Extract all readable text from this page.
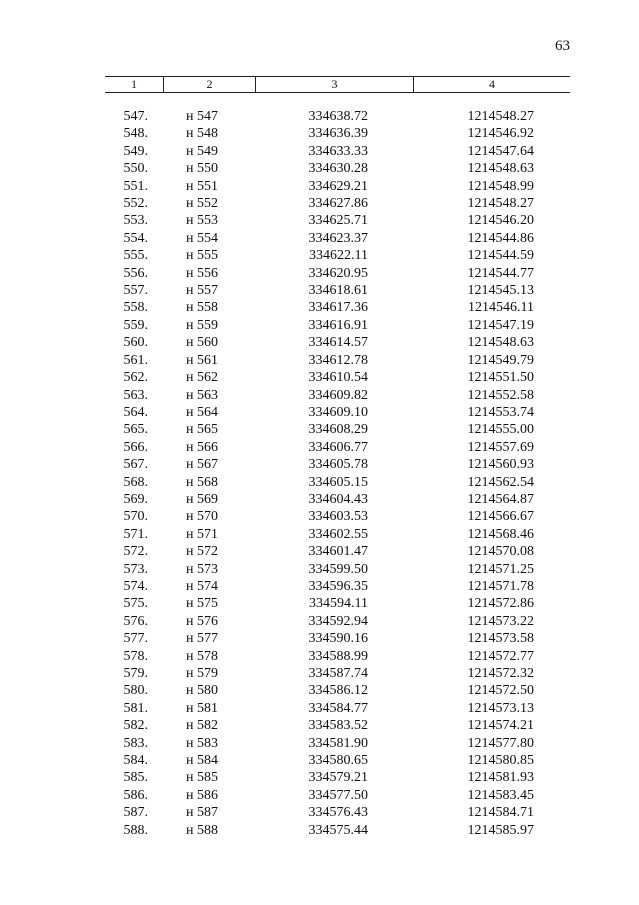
63
1	2	3	4
547.	н 547	334638.72	1214548.27
548.	н 548	334636.39	1214546.92
549.	н 549	334633.33	1214547.64
550.	н 550	334630.28	1214548.63
551.	н 551	334629.21	1214548.99
552.	н 552	334627.86	1214548.27
553.	н 553	334625.71	1214546.20
554.	н 554	334623.37	1214544.86
555.	н 555	334622.11	1214544.59
556.	н 556	334620.95	1214544.77
557.	н 557	334618.61	1214545.13
558.	н 558	334617.36	1214546.11
559.	н 559	334616.91	1214547.19
560.	н 560	334614.57	1214548.63
561.	н 561	334612.78	1214549.79
562.	н 562	334610.54	1214551.50
563.	н 563	334609.82	1214552.58
564.	н 564	334609.10	1214553.74
565.	н 565	334608.29	1214555.00
566.	н 566	334606.77	1214557.69
567.	н 567	334605.78	1214560.93
568.	н 568	334605.15	1214562.54
569.	н 569	334604.43	1214564.87
570.	н 570	334603.53	1214566.67
571.	н 571	334602.55	1214568.46
572.	н 572	334601.47	1214570.08
573.	н 573	334599.50	1214571.25
574.	н 574	334596.35	1214571.78
575.	н 575	334594.11	1214572.86
576.	н 576	334592.94	1214573.22
577.	н 577	334590.16	1214573.58
578.	н 578	334588.99	1214572.77
579.	н 579	334587.74	1214572.32
580.	н 580	334586.12	1214572.50
581.	н 581	334584.77	1214573.13
582.	н 582	334583.52	1214574.21
583.	н 583	334581.90	1214577.80
584.	н 584	334580.65	1214580.85
585.	н 585	334579.21	1214581.93
586.	н 586	334577.50	1214583.45
587.	н 587	334576.43	1214584.71
588.	н 588	334575.44	1214585.97
